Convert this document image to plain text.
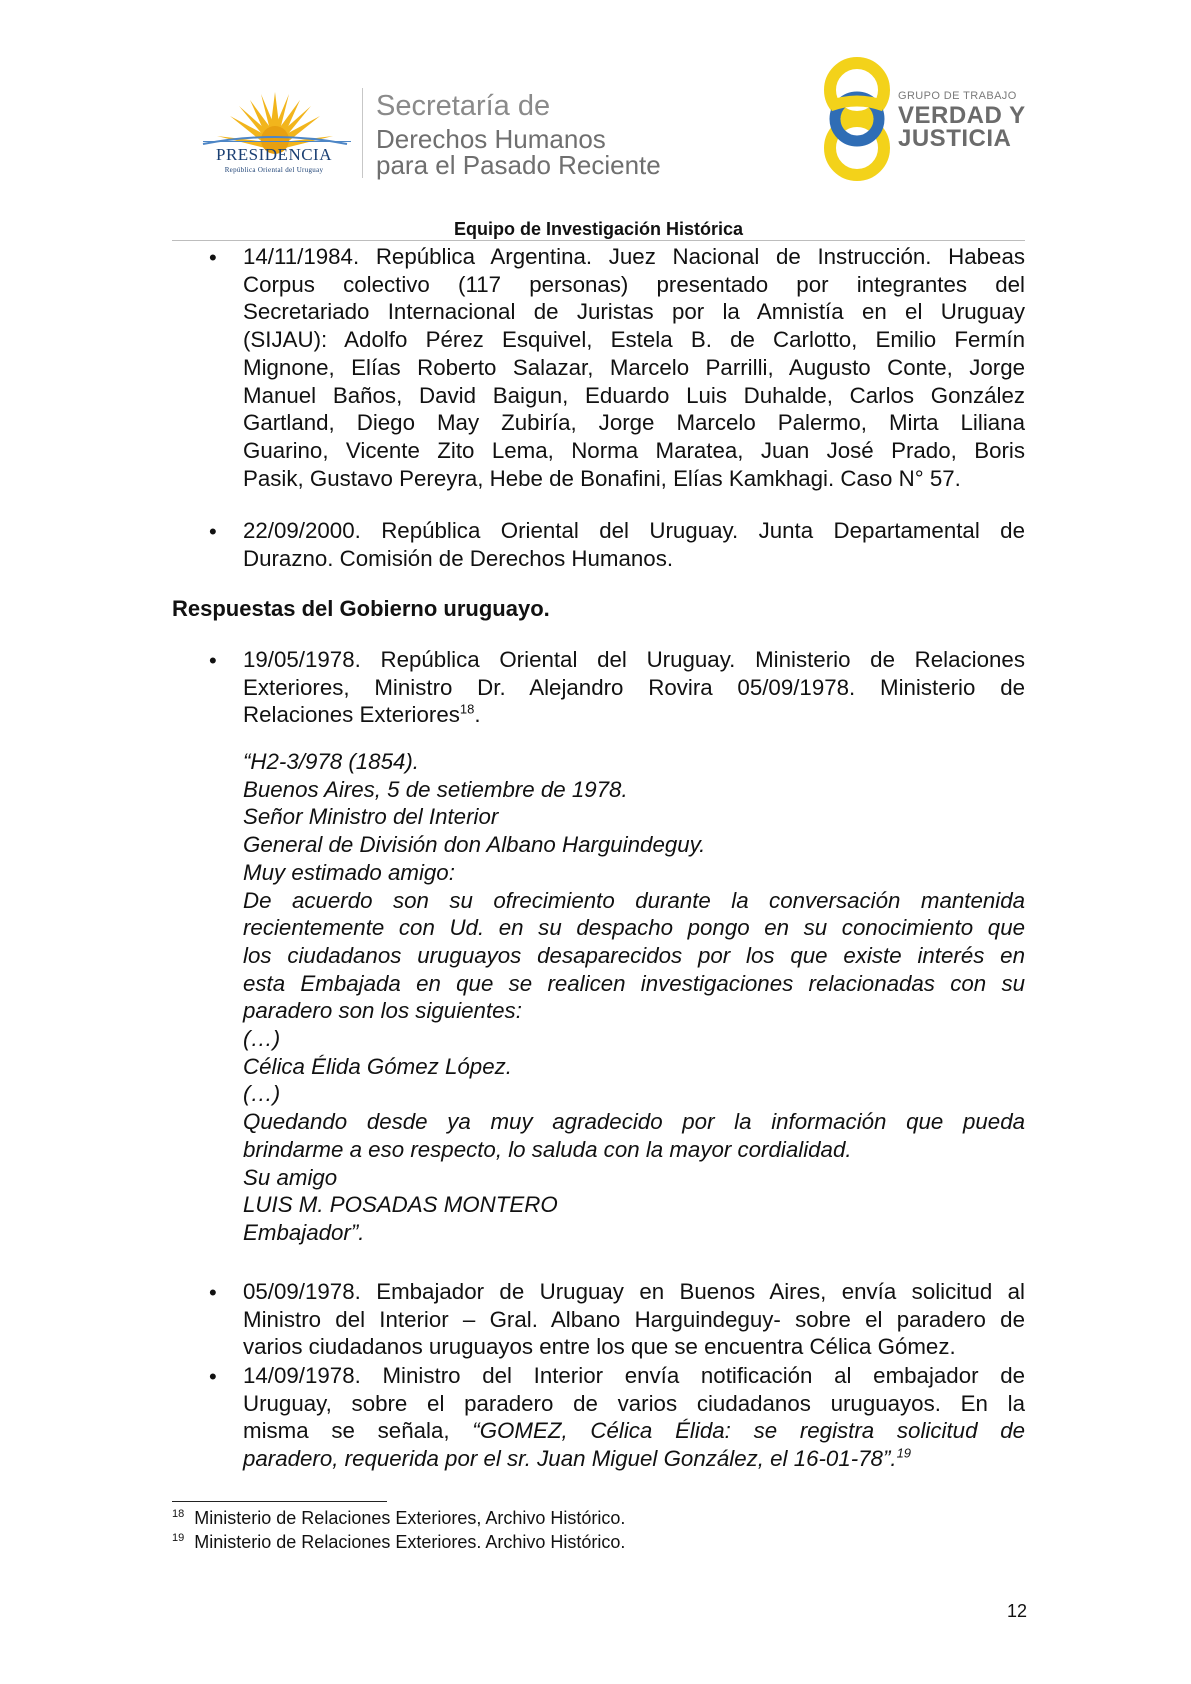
PRESIDENCIA
República Oriental del Uruguay
Secretaría de
Derechos Humanos
para el Pasado Reciente
GRUPO DE TRABAJO
VERDAD Y
JUSTICIA
Equipo de Investigación Histórica
• 14/11/1984. República Argentina. Juez Nacional de Instrucción. Habeas
Corpus colectivo (117 personas) presentado por integrantes del
Secretariado Internacional de Juristas por la Amnistía en el Uruguay
(SIJAU): Adolfo Pérez Esquivel, Estela B. de Carlotto, Emilio Fermín
Mignone, Elías Roberto Salazar, Marcelo Parrilli, Augusto Conte, Jorge
Manuel Baños, David Baigun, Eduardo Luis Duhalde, Carlos González
Gartland, Diego May Zubiría, Jorge Marcelo Palermo, Mirta Liliana
Guarino, Vicente Zito Lema, Norma Maratea, Juan José Prado, Boris
Pasik, Gustavo Pereyra, Hebe de Bonafini, Elías Kamkhagi. Caso N° 57.
• 22/09/2000. República Oriental del Uruguay. Junta Departamental de
Durazno. Comisión de Derechos Humanos.
Respuestas del Gobierno uruguayo.
• 19/05/1978. República Oriental del Uruguay. Ministerio de Relaciones
Exteriores, Ministro Dr. Alejandro Rovira 05/09/1978. Ministerio de
Relaciones Exteriores$^{18}$.
“H2-3/978 (1854).
Buenos Aires, 5 de setiembre de 1978.
Señor Ministro del Interior
General de División don Albano Harguindeguy.
Muy estimado amigo:
De acuerdo son su ofrecimiento durante la conversación mantenida
recientemente con Ud. en su despacho pongo en su conocimiento que
los ciudadanos uruguayos desaparecidos por los que existe interés en
esta Embajada en que se realicen investigaciones relacionadas con su
paradero son los siguientes:
(…)
Célica Élida Gómez López.
(…)
Quedando desde ya muy agradecido por la información que pueda
brindarme a eso respecto, lo saluda con la mayor cordialidad.
Su amigo
LUIS M. POSADAS MONTERO
Embajador”.
• 05/09/1978. Embajador de Uruguay en Buenos Aires, envía solicitud al
Ministro del Interior – Gral. Albano Harguindeguy- sobre el paradero de
varios ciudadanos uruguayos entre los que se encuentra Célica Gómez.
• 14/09/1978. Ministro del Interior envía notificación al embajador de
Uruguay, sobre el paradero de varios ciudadanos uruguayos. En la
misma se señala, “GOMEZ, Célica Élida: se registra solicitud de
paradero, requerida por el sr. Juan Miguel González, el 16-01-78”.$^{19}$
$^{18}$ Ministerio de Relaciones Exteriores, Archivo Histórico.
$^{19}$ Ministerio de Relaciones Exteriores. Archivo Histórico.
12
